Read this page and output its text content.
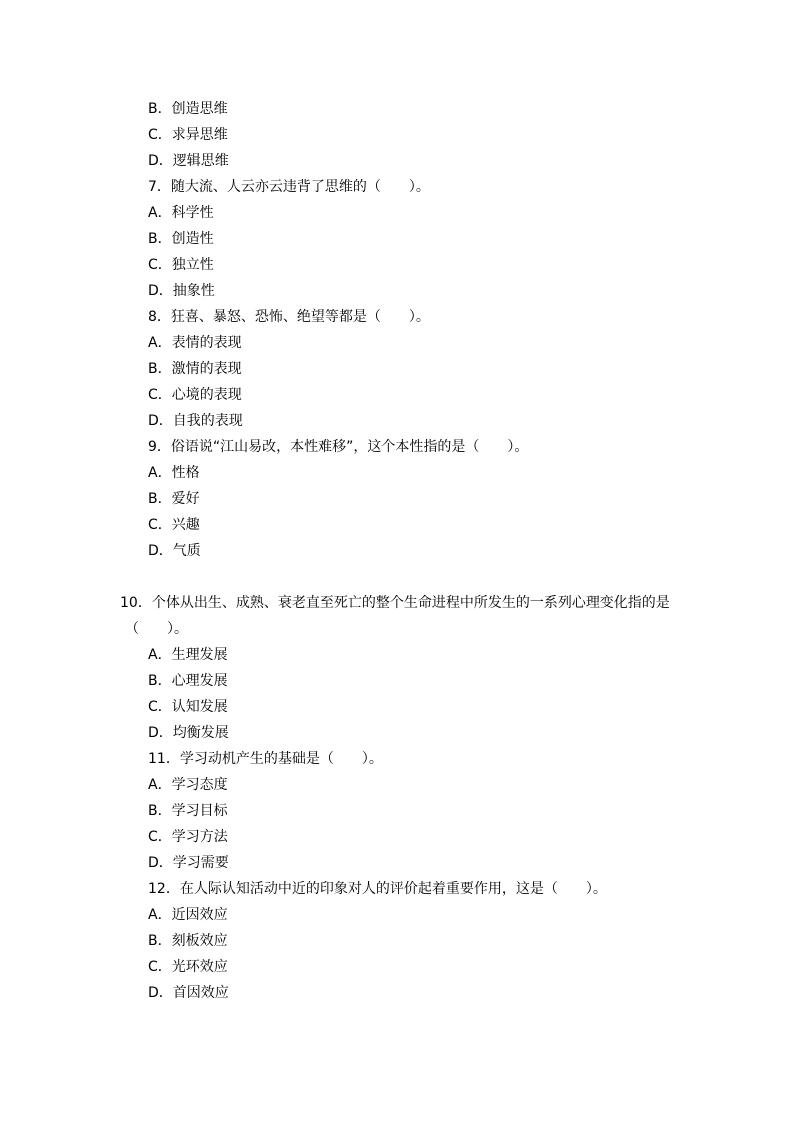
B．创造思维
C．求异思维
D．逻辑思维
7．随大流、人云亦云违背了思维的（　　）。
A．科学性
B．创造性
C．独立性
D．抽象性
8．狂喜、暴怒、恐怖、绝望等都是（　　）。
A．表情的表现
B．激情的表现
C．心境的表现
D．自我的表现
9．俗语说“江山易改，本性难移”，这个本性指的是（　　）。
A．性格
B．爱好
C．兴趣
D．气质
10．个体从出生、成熟、衰老直至死亡的整个生命进程中所发生的一系列心理变化指的是
（　　）。
A．生理发展
B．心理发展
C．认知发展
D．均衡发展
11．学习动机产生的基础是（　　）。
A．学习态度
B．学习目标
C．学习方法
D．学习需要
12．在人际认知活动中近的印象对人的评价起着重要作用，这是（　　）。
A．近因效应
B．刻板效应
C．光环效应
D．首因效应
